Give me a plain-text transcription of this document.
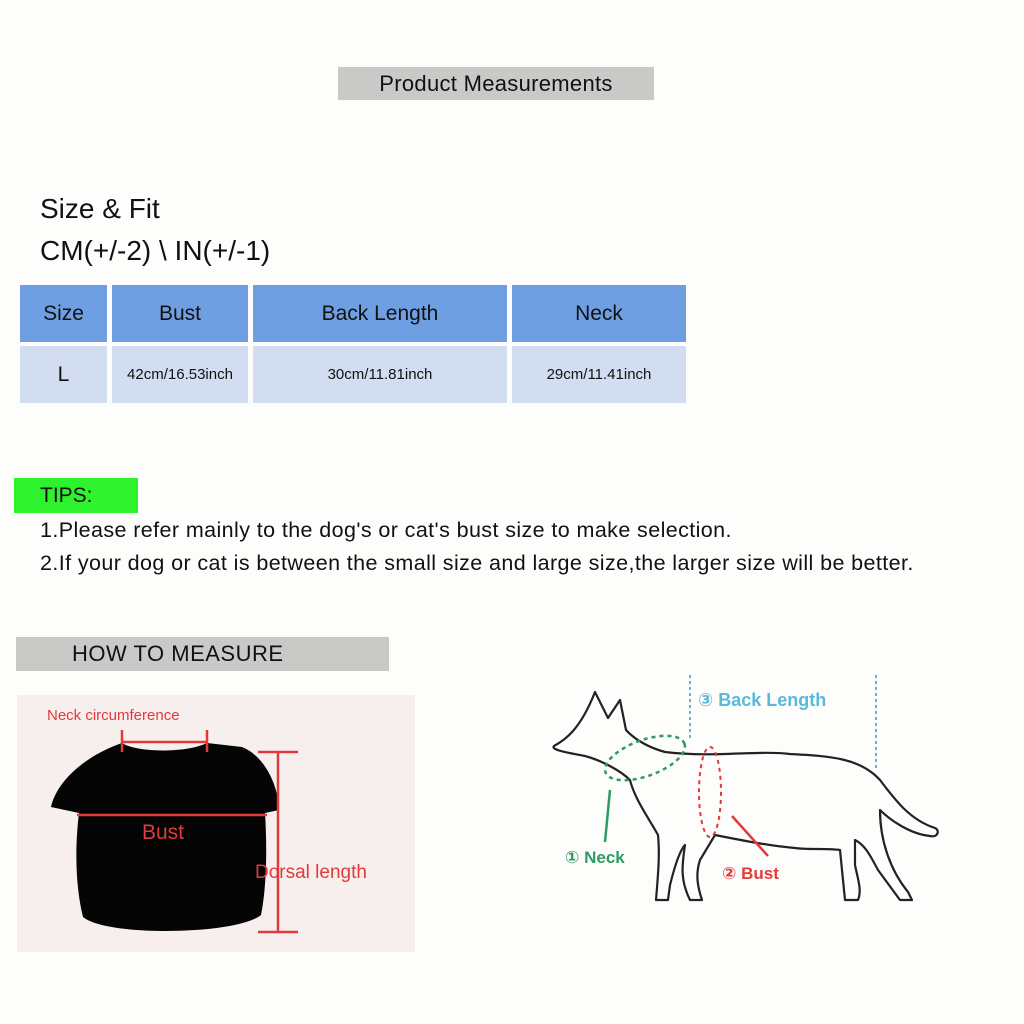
Product Measurements
Size & Fit
CM(+/-2) \ IN(+/-1)
Size	Bust	Back Length	Neck
L	42cm/16.53inch	30cm/11.81inch	29cm/11.41inch
TIPS:

1.Please refer mainly to the dog's or cat's bust size to make selection.

2.If your dog or cat is between the small size and large size,the larger size will be better.

HOW TO MEASURE
Neck circumference
Bust
Dorsal length
① Neck
② Bust
③ Back Length
